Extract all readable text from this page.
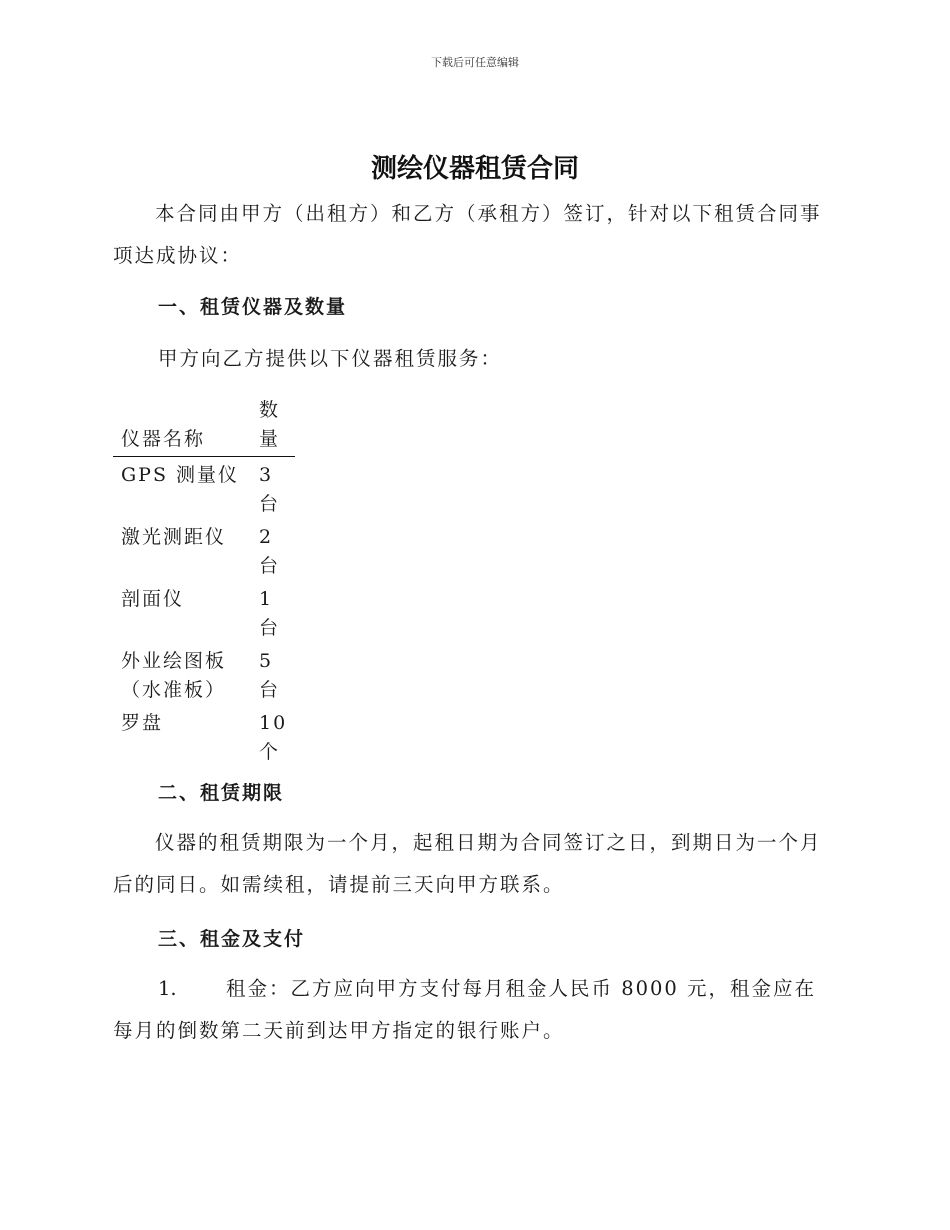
下载后可任意编辑
测绘仪器租赁合同

本合同由甲方（出租方）和乙方（承租方）签订，针对以下租赁合同事项达成协议：

一、租赁仪器及数量

甲方向乙方提供以下仪器租赁服务：

仪器名称	数量
GPS 测量仪	3 台
激光测距仪	2 台
剖面仪	1 台
外业绘图板（水准板）	5 台
罗盘	10 个

二、租赁期限

仪器的租赁期限为一个月，起租日期为合同签订之日，到期日为一个月后的同日。如需续租，请提前三天向甲方联系。

三、租金及支付

1.	租金：乙方应向甲方支付每月租金人民币 8000 元，租金应在每月的倒数第二天前到达甲方指定的银行账户。
